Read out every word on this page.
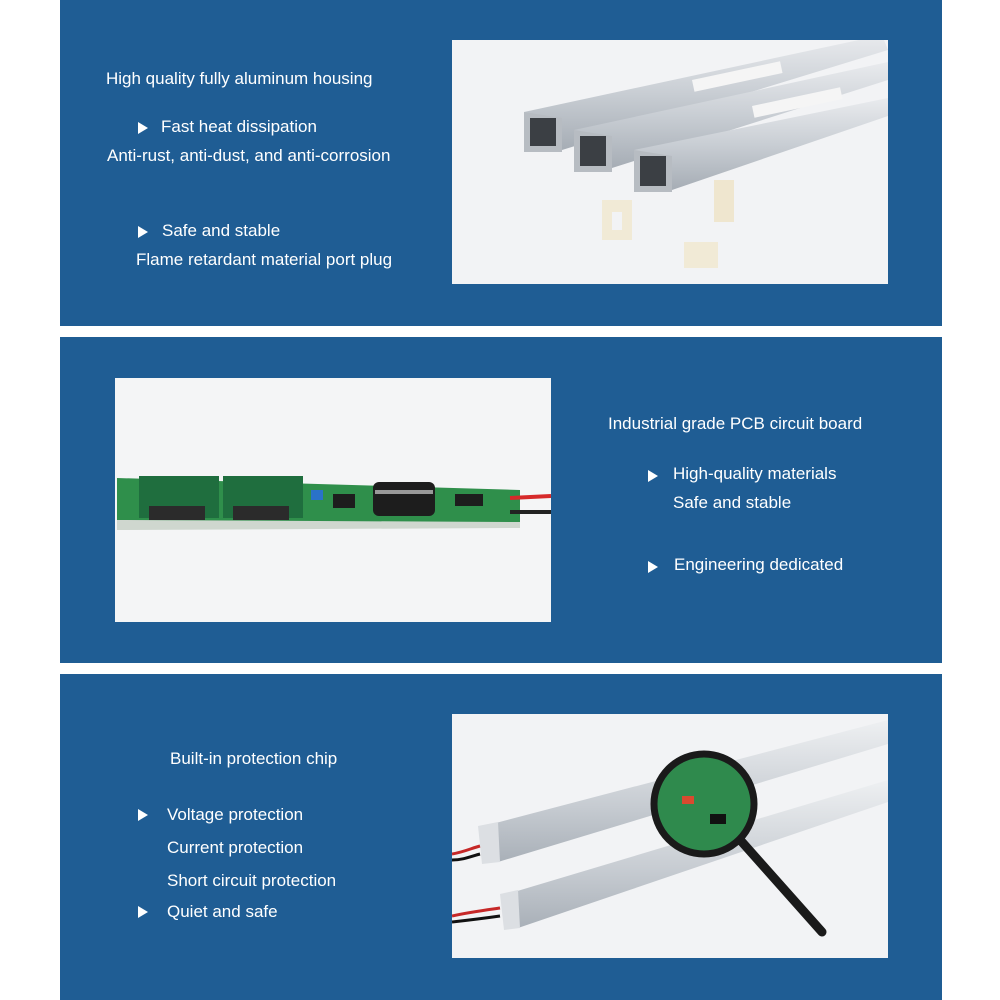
High quality fully aluminum housing
Fast heat dissipation
Anti-rust, anti-dust, and anti-corrosion
Safe and stable
Flame retardant material port plug
Industrial grade PCB circuit board
High-quality materials
Safe and stable
Engineering dedicated
Built-in protection chip
Voltage protection
Current protection
Short circuit protection
Quiet and safe
